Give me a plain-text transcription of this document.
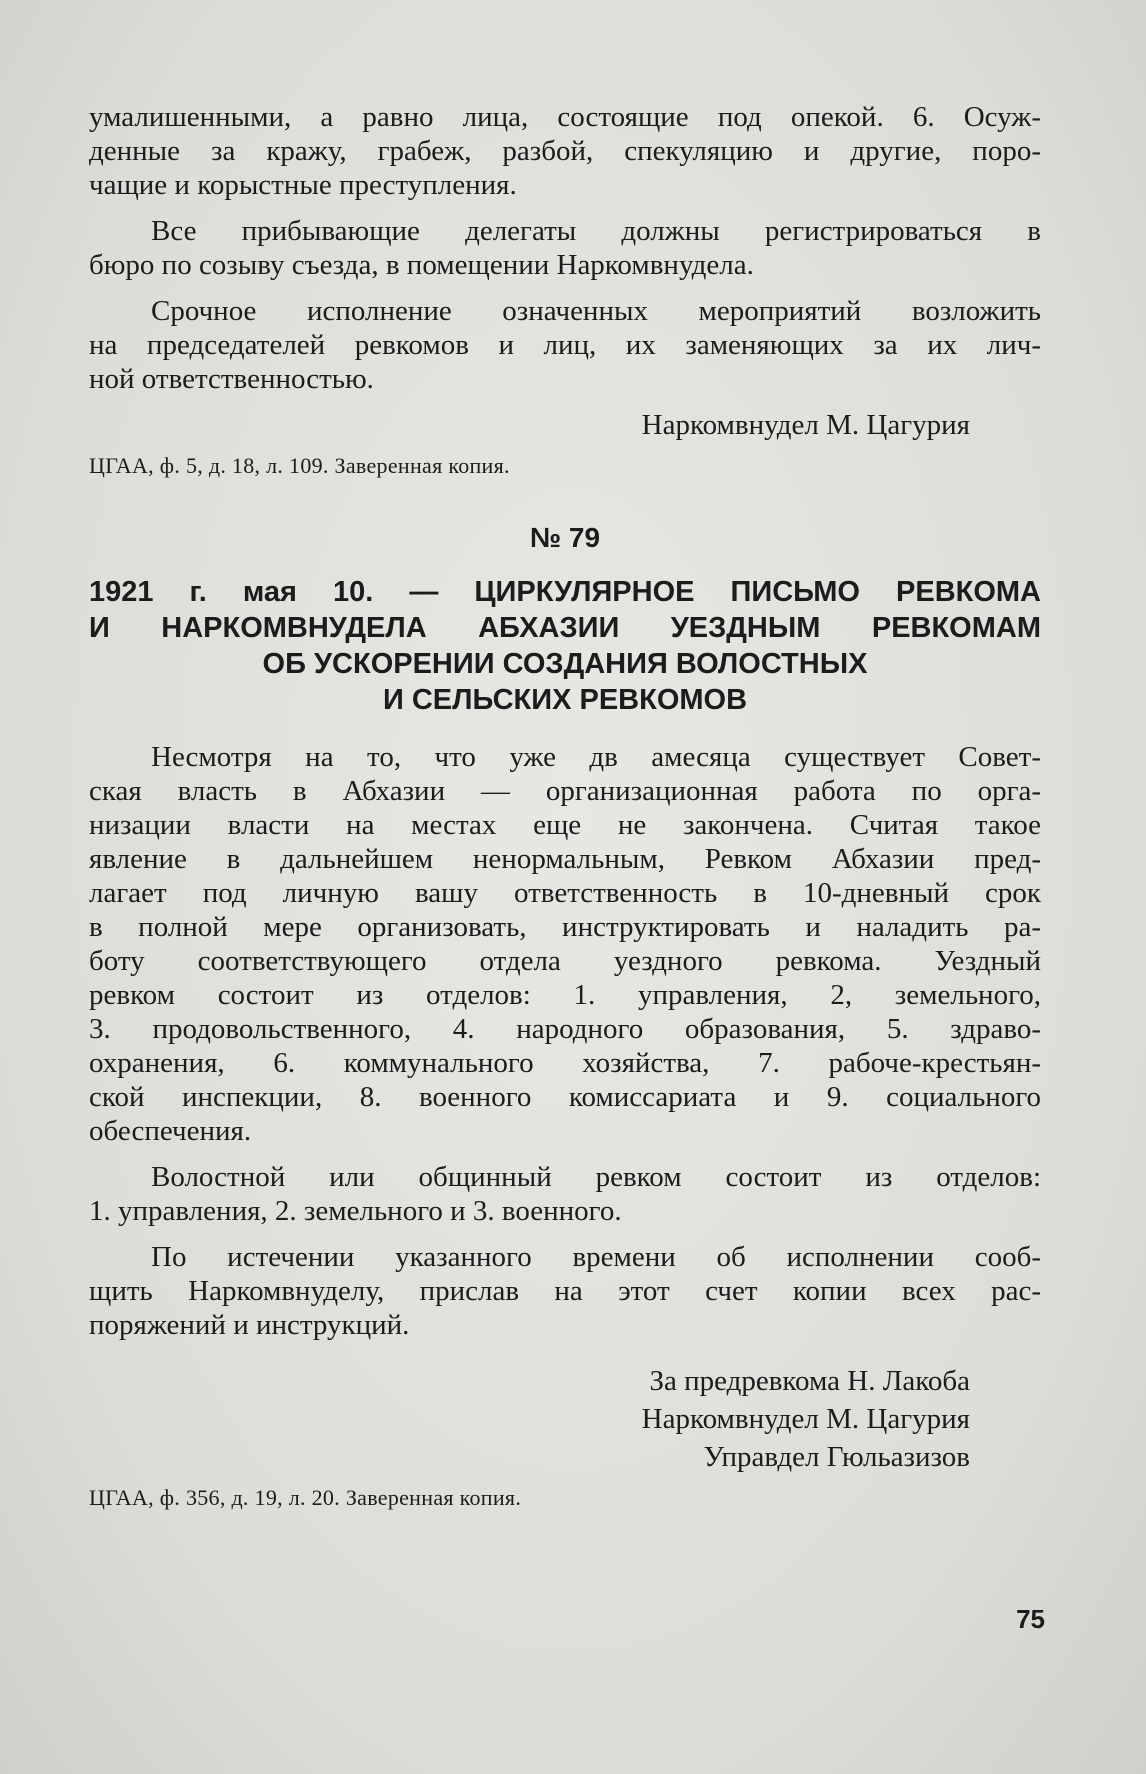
умалишенными, а равно лица, состоящие под опекой. 6. Осуж-

денные за кражу, грабеж, разбой, спекуляцию и другие, поро-

чащие и корыстные преступления.

Все прибывающие делегаты должны регистрироваться в

бюро по созыву съезда, в помещении Наркомвнудела.

Срочное исполнение означенных мероприятий возложить

на председателей ревкомов и лиц, их заменяющих за их лич-

ной ответственностью.

Наркомвнудел М. Цагурия

ЦГАА, ф. 5, д. 18, л. 109. Заверенная копия.

№ 79

1921 г. мая 10. — ЦИРКУЛЯРНОЕ ПИСЬМО РЕВКОМА

И НАРКОМВНУДЕЛА АБХАЗИИ УЕЗДНЫМ РЕВКОМАМ

ОБ УСКОРЕНИИ СОЗДАНИЯ ВОЛОСТНЫХ

И СЕЛЬСКИХ РЕВКОМОВ

Несмотря на то, что уже дв амесяца существует Совет-

ская власть в Абхазии — организационная работа по орга-

низации власти на местах еще не закончена. Считая такое

явление в дальнейшем ненормальным, Ревком Абхазии пред-

лагает под личную вашу ответственность в 10-дневный срок

в полной мере организовать, инструктировать и наладить ра-

боту соответствующего отдела уездного ревкома. Уездный

ревком состоит из отделов: 1. управления, 2, земельного,

3. продовольственного, 4. народного образования, 5. здраво-

охранения, 6. коммунального хозяйства, 7. рабоче-крестьян-

ской инспекции, 8. военного комиссариата и 9. социального

обеспечения.

Волостной или общинный ревком состоит из отделов:

1. управления, 2. земельного и 3. военного.

По истечении указанного времени об исполнении сооб-

щить Наркомвнуделу, прислав на этот счет копии всех рас-

поряжений и инструкций.

За предревкома Н. Лакоба

Наркомвнудел М. Цагурия

Управдел Гюльазизов

ЦГАА, ф. 356, д. 19, л. 20. Заверенная копия.

75
